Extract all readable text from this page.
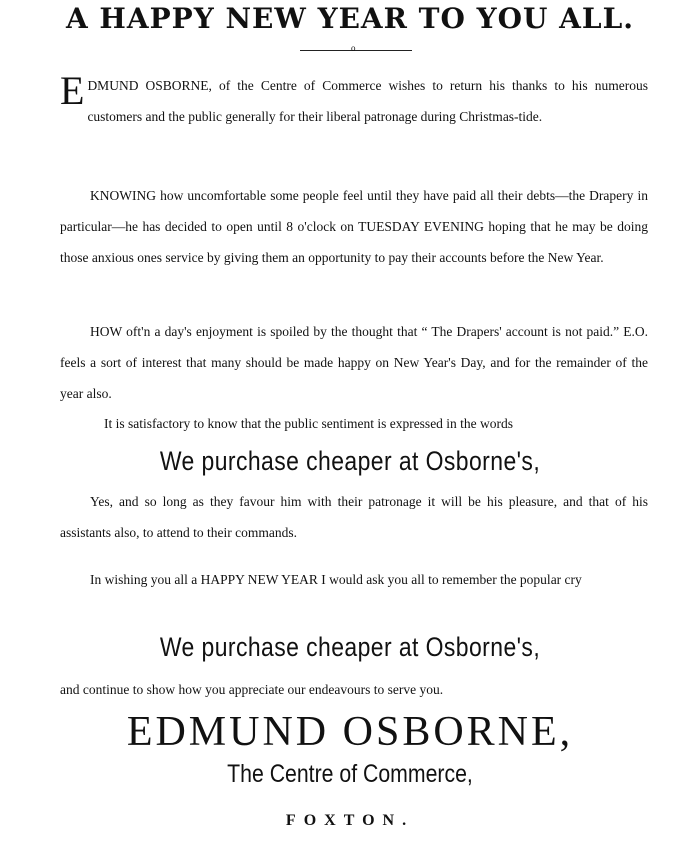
A HAPPY NEW YEAR TO YOU ALL.
o
E DMUND OSBORNE, of the Centre of Commerce wishes to return his thanks to his numerous customers and the public generally for their liberal patronage during Christmas-tide.
KNOWING how uncomfortable some people feel until they have paid all their debts—the Drapery in particular—he has decided to open until 8 o'clock on TUESDAY EVENING hoping that he may be doing those anxious ones service by giving them an opportunity to pay their accounts before the New Year.
HOW oft'n a day's enjoyment is spoiled by the thought that “ The Drapers' account is not paid.” E.O. feels a sort of interest that many should be made happy on New Year's Day, and for the remainder of the year also.
It is satisfactory to know that the public sentiment is expressed in the words
We purchase cheaper at Osborne's,
Yes, and so long as they favour him with their patronage it will be his pleasure, and that of his assistants also, to attend to their commands.
In wishing you all a HAPPY NEW YEAR I would ask you all to remember the popular cry
We purchase cheaper at Osborne's,
and continue to show how you appreciate our endeavours to serve you.
EDMUND OSBORNE,
The Centre of Commerce,
FOXTON.
